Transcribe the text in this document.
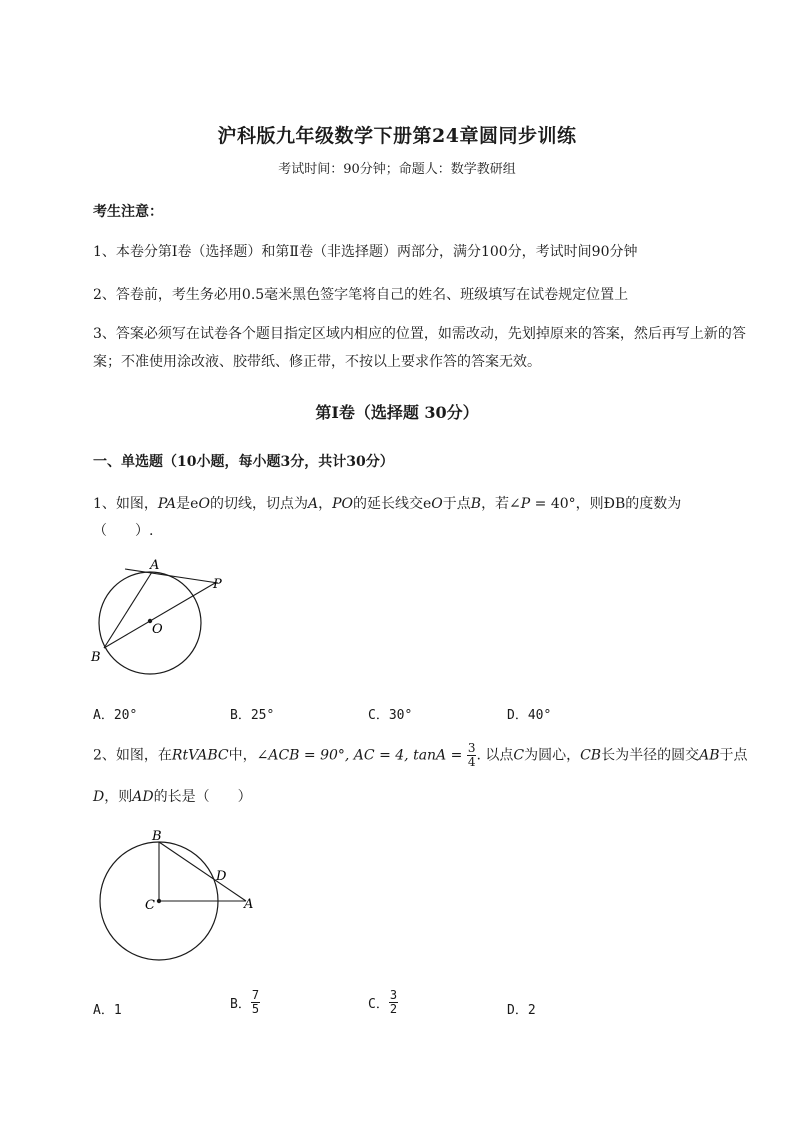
沪科版九年级数学下册第24章圆同步训练
考试时间：90分钟；命题人：数学教研组
考生注意：
1、本卷分第I卷（选择题）和第Ⅱ卷（非选择题）两部分，满分100分，考试时间90分钟
2、答卷前，考生务必用0.5毫米黑色签字笔将自己的姓名、班级填写在试卷规定位置上
3、答案必须写在试卷各个题目指定区域内相应的位置，如需改动，先划掉原来的答案，然后再写上新的答案；不准使用涂改液、胶带纸、修正带，不按以上要求作答的答案无效。
第I卷（选择题 30分）
一、单选题（10小题，每小题3分，共计30分）
1、如图，PA是eO的切线，切点为A，PO的延长线交eO于点B，若∠P = 40°，则ÐB的度数为
（　　）.
A
P
O
B
A．20°	B．25°	C．30°	D．40°
2、如图，在RtVABC中，∠ACB = 90°, AC = 4, $\tan A = \frac{3}{4}$ . 以点C为圆心，CB长为半径的圆交AB于点
D，则AD的长是（　　）
B
D
C	A
A．1	B． $\frac{7}{5}$	C． $\frac{3}{2}$	D．2
